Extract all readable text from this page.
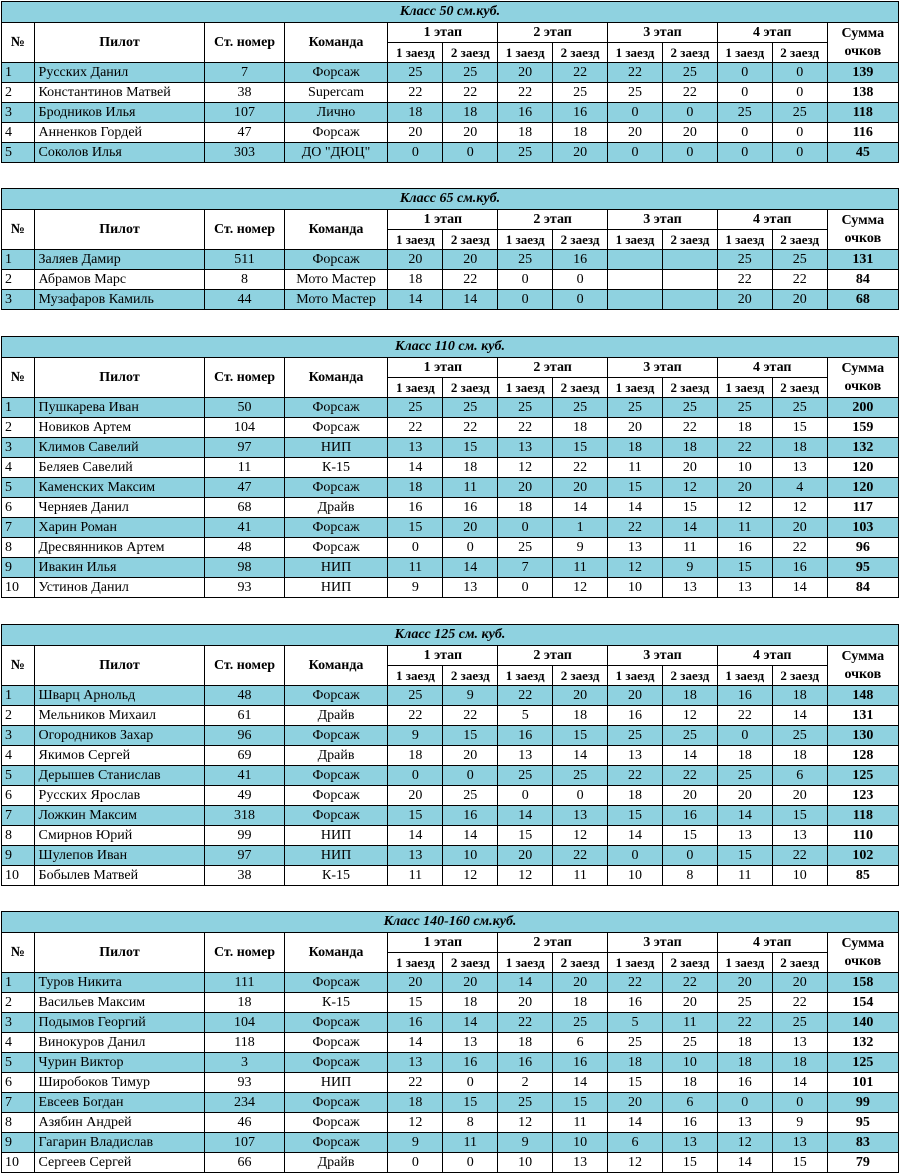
Класс 50 см.куб.												
№	Пилот	Ст. номер	Команда	1 этап		2 этап		3 этап		4 этап		Сумма
очков

				1 заезд	2 заезд	1 заезд	2 заезд	1 заезд	2 заезд	1 заезд	2 заезд	
1	Русских Данил	7	Форсаж	25	25	20	22	22	25	0	0	139
2	Константинов Матвей	38	Supercam	22	22	22	25	25	22	0	0	138
3	Бродников Илья	107	Лично	18	18	16	16	0	0	25	25	118
4	Анненков Гордей	47	Форсаж	20	20	18	18	20	20	0	0	116
5	Соколов Илья	303	ДО "ДЮЦ"	0	0	25	20	0	0	0	0	45
Класс 65 см.куб.												
№	Пилот	Ст. номер	Команда	1 этап		2 этап		3 этап		4 этап		Сумма
очков

				1 заезд	2 заезд	1 заезд	2 заезд	1 заезд	2 заезд	1 заезд	2 заезд	
1	Заляев Дамир	511	Форсаж	20	20	25	16			25	25	131
2	Абрамов Марс	8	Мото Мастер	18	22	0	0			22	22	84
3	Музафаров Камиль	44	Мото Мастер	14	14	0	0			20	20	68
Класс 110 см. куб.												
№	Пилот	Ст. номер	Команда	1 этап		2 этап		3 этап		4 этап		Сумма
очков

				1 заезд	2 заезд	1 заезд	2 заезд	1 заезд	2 заезд	1 заезд	2 заезд	
1	Пушкарева Иван	50	Форсаж	25	25	25	25	25	25	25	25	200
2	Новиков Артем	104	Форсаж	22	22	22	18	20	22	18	15	159
3	Климов Савелий	97	НИП	13	15	13	15	18	18	22	18	132
4	Беляев Савелий	11	К-15	14	18	12	22	11	20	10	13	120
5	Каменских Максим	47	Форсаж	18	11	20	20	15	12	20	4	120
6	Черняев Данил	68	Драйв	16	16	18	14	14	15	12	12	117
7	Харин Роман	41	Форсаж	15	20	0	1	22	14	11	20	103
8	Дресвянников Артем	48	Форсаж	0	0	25	9	13	11	16	22	96
9	Ивакин Илья	98	НИП	11	14	7	11	12	9	15	16	95
10	Устинов Данил	93	НИП	9	13	0	12	10	13	13	14	84
Класс 125 см. куб.												
№	Пилот	Ст. номер	Команда	1 этап		2 этап		3 этап		4 этап		Сумма
очков

				1 заезд	2 заезд	1 заезд	2 заезд	1 заезд	2 заезд	1 заезд	2 заезд	
1	Шварц Арнольд	48	Форсаж	25	9	22	20	20	18	16	18	148
2	Мельников Михаил	61	Драйв	22	22	5	18	16	12	22	14	131
3	Огородников Захар	96	Форсаж	9	15	16	15	25	25	0	25	130
4	Якимов Сергей	69	Драйв	18	20	13	14	13	14	18	18	128
5	Дерышев Станислав	41	Форсаж	0	0	25	25	22	22	25	6	125
6	Русских Ярослав	49	Форсаж	20	25	0	0	18	20	20	20	123
7	Ложкин Максим	318	Форсаж	15	16	14	13	15	16	14	15	118
8	Смирнов Юрий	99	НИП	14	14	15	12	14	15	13	13	110
9	Шулепов Иван	97	НИП	13	10	20	22	0	0	15	22	102
10	Бобылев Матвей	38	К-15	11	12	12	11	10	8	11	10	85
Класс 140-160 см.куб.												
№	Пилот	Ст. номер	Команда	1 этап		2 этап		3 этап		4 этап		Сумма
очков

				1 заезд	2 заезд	1 заезд	2 заезд	1 заезд	2 заезд	1 заезд	2 заезд	
1	Туров Никита	111	Форсаж	20	20	14	20	22	22	20	20	158
2	Васильев Максим	18	К-15	15	18	20	18	16	20	25	22	154
3	Подымов Георгий	104	Форсаж	16	14	22	25	5	11	22	25	140
4	Винокуров Данил	118	Форсаж	14	13	18	6	25	25	18	13	132
5	Чурин Виктор	3	Форсаж	13	16	16	16	18	10	18	18	125
6	Широбоков Тимур	93	НИП	22	0	2	14	15	18	16	14	101
7	Евсеев Богдан	234	Форсаж	18	15	25	15	20	6	0	0	99
8	Азябин Андрей	46	Форсаж	12	8	12	11	14	16	13	9	95
9	Гагарин Владислав	107	Форсаж	9	11	9	10	6	13	12	13	83
10	Сергеев Сергей	66	Драйв	0	0	10	13	12	15	14	15	79
